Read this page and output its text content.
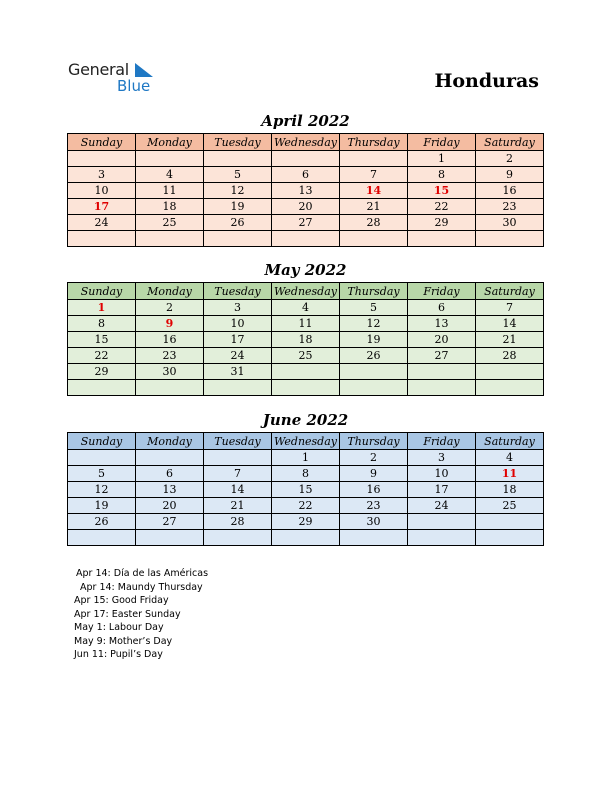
General
Blue	Honduras
April 2022
Sunday	Monday	Tuesday	Wednesday	Thursday	Friday	Saturday
					1	2
3	4	5	6	7	8	9
10	11	12	13	14	15	16
17	18	19	20	21	22	23
24	25	26	27	28	29	30

May 2022
Sunday	Monday	Tuesday	Wednesday	Thursday	Friday	Saturday
1	2	3	4	5	6	7
8	9	10	11	12	13	14
15	16	17	18	19	20	21
22	23	24	25	26	27	28
29	30	31				

June 2022
Sunday	Monday	Tuesday	Wednesday	Thursday	Friday	Saturday
			1	2	3	4
5	6	7	8	9	10	11
12	13	14	15	16	17	18
19	20	21	22	23	24	25
26	27	28	29	30		

Apr 14: Día de las Américas
Apr 14: Maundy Thursday
Apr 15: Good Friday
Apr 17: Easter Sunday
May 1: Labour Day
May 9: Mother’s Day
Jun 11: Pupil’s Day
